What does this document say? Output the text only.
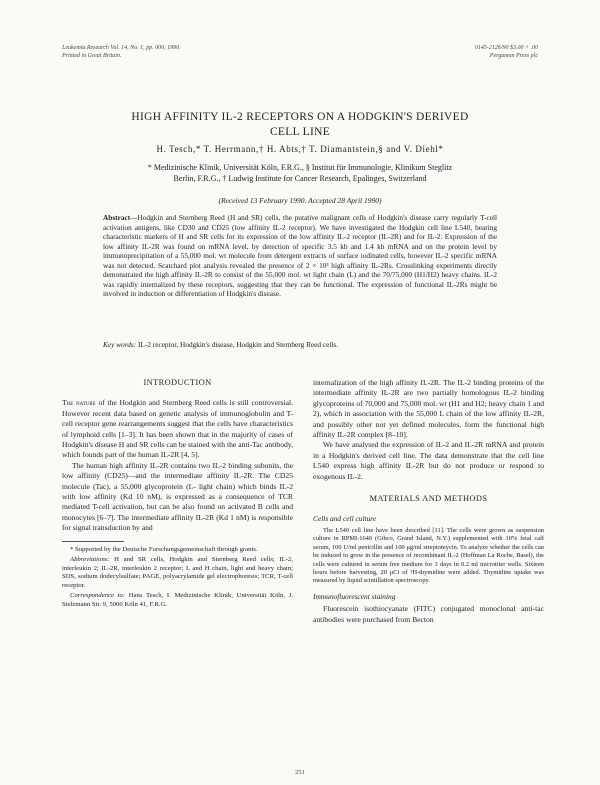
Leukemia Research Vol. 14, No. 1, pp. 000, 1990.
Printed in Great Britain.
0145-2126/90 $3.00 + .00
Pergamon Press plc
HIGH AFFINITY IL-2 RECEPTORS ON A HODGKIN'S DERIVED
CELL LINE
H. Tesch,* T. Herrmann,† H. Abts,† T. Diamantstein,§ and V. Diehl*
* Medizinische Klinik, Universität Köln, F.R.G., § Institut für Immunologie, Klinikum Steglitz
Berlin, F.R.G., † Ludwig Institute for Cancer Research, Epalinges, Switzerland
(Received 13 February 1990. Accepted 28 April 1990)
Abstract—Hodgkin and Sternberg Reed (H and SR) cells, the putative malignant cells of Hodgkin's disease carry regularly T-cell activation antigens, like CD30 and CD25 (low affinity IL-2 receptor). We have investigated the Hodgkin cell line L540, bearing characteristic markers of H and SR cells for its expression of the low affinity IL-2 receptor (IL-2R) and for IL-2. Expression of the low affinity IL-2R was found on mRNA level, by detection of specific 3.5 kb and 1.4 kb mRNA and on the protein level by immunoprecipitation of a 55,000 mol. wt molecule from detergent extracts of surface iodinated cells, however IL-2 specific mRNA was not detected. Scatchard plot analysis revealed the presence of 2 × 10³ high affinity IL-2Rs. Crosslinking experiments directly demonstrated the high affinity IL-2R to consist of the 55,000 mol. wt light chain (L) and the 70/75,000 (H1/H2) heavy chains. IL-2 was rapidly internalized by these receptors, suggesting that they can be functional. The expression of functional IL-2Rs might be involved in induction or differentiation of Hodgkin's disease.
Key words: IL-2 receptor, Hodgkin's disease, Hodgkin and Sternberg Reed cells.
INTRODUCTION

The nature of the Hodgkin and Sternberg Reed cells is still controversial. However recent data based on genetic analysis of immunoglobulin and T-cell receptor gene rearrangements suggest that the cells have characteristics of lymphoid cells [1–3]. It has been shown that in the majority of cases of Hodgkin's disease H and SR cells can be stained with the anti-Tac antibody, which founds part of the human IL-2R [4, 5].

The human high affinity IL-2R contains two IL-2 binding subunits, the low affinity (CD25)—and the intermediate affinity IL-2R. The CD25 molecule (Tac), a 55,000 glycoprotein (L- light chain) which binds IL-2 with low affinity (Kd 10 nM), is expressed as a consequence of TCR mediated T-cell activation, but can be also found on activated B cells and monocytes [6–7]. The intermediate affinity IL-2R (Kd 1 nM) is responsible for signal transduction by and

* Supported by the Deutsche Forschungsgemeinschaft through grants.

Abbreviations: H and SR cells, Hodgkin and Sternberg Reed cells; IL-2, interleukin 2; IL-2R, interleukin 2 receptor; L and H chain, light and heavy chain; SDS, sodium dodecylsulfate; PAGE, polyacrylamide gel electrophoresis; TCR, T-cell receptor.

Correspondence to: Hans Tesch, I. Medizinische Klinik, Universität Köln, J. Stelzmann Str. 9, 5000 Köln 41, F.R.G.

internalization of the high affinity IL-2R. The IL-2 binding proteins of the intermediate affinity IL-2R are two partially homologous IL-2 binding glycoproteins of 70,000 and 75,000 mol. wt (H1 and H2; heavy chain 1 and 2), which in association with the 55,000 L chain of the low affinity IL-2R, and possibly other not yet defined molecules, form the functional high affinity IL-2R complex [8–10].

We have analysed the expression of IL-2 and IL-2R mRNA and protein in a Hodgkin's derived cell line. The data demonstrate that the cell line L540 express high affinity IL-2R but do not produce or respond to exogenous IL-2.

MATERIALS AND METHODS
Cells and cell culture

The L540 cell line have been described [11]. The cells were grown as suspension culture in RPMI-1640 (Gibco, Grand Island, N.Y.) supplemented with 10% fetal calf serum, 100 U/ml penicillin and 100 μg/ml streptomycin. To analyze whether the cells can be induced to grow in the presence of recombinant IL-2 (Hoffman La Roche, Basel), the cells were cultured in serum free medium for 3 days in 0.2 ml microtiter wells. Sixteen hours before harvesting, 20 μCi of ³H-thymidine were added. Thymidine uptake was measured by liquid scintillation spectroscopy.

Immunofluorescent staining

Fluorescein isothiocyanate (FITC) conjugated monoclonal anti-tac antibodies were purchased from Becton

251
